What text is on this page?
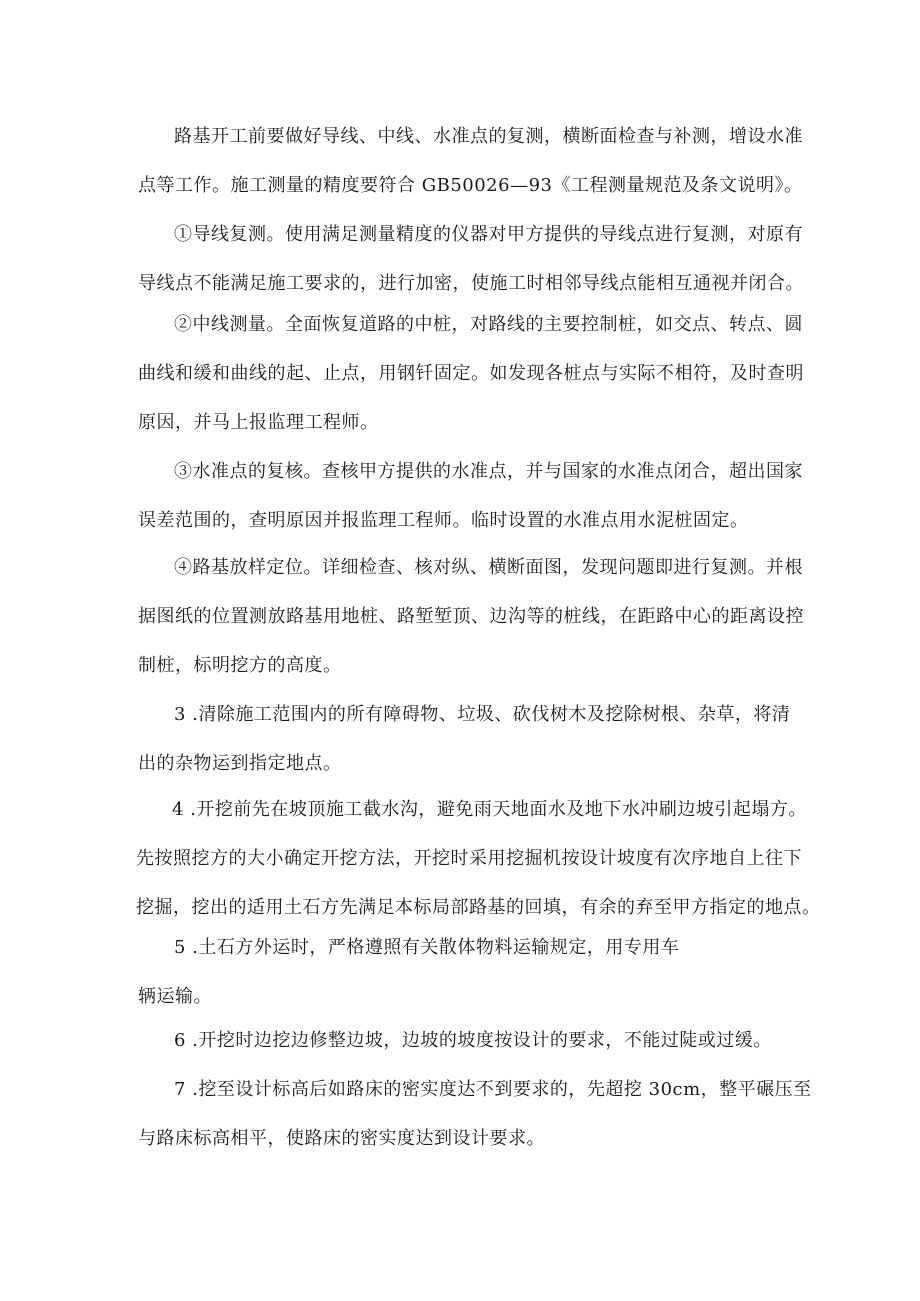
路基开工前要做好导线、中线、水准点的复测，横断面检查与补测，增设水准
点等工作。施工测量的精度要符合 GB50026—93《工程测量规范及条文说明》。

①导线复测。使用满足测量精度的仪器对甲方提供的导线点进行复测，对原有
导线点不能满足施工要求的，进行加密，使施工时相邻导线点能相互通视并闭合。

②中线测量。全面恢复道路的中桩，对路线的主要控制桩，如交点、转点、圆
曲线和缓和曲线的起、止点，用钢钎固定。如发现各桩点与实际不相符，及时查明
原因，并马上报监理工程师。

③水准点的复核。查核甲方提供的水准点，并与国家的水准点闭合，超出国家
误差范围的，查明原因并报监理工程师。临时设置的水准点用水泥桩固定。

④路基放样定位。详细检查、核对纵、横断面图，发现问题即进行复测。并根
据图纸的位置测放路基用地桩、路堑堑顶、边沟等的桩线，在距路中心的距离设控
制桩，标明挖方的高度。

3 .清除施工范围内的所有障碍物、垃圾、砍伐树木及挖除树根、杂草，将清
出的杂物运到指定地点。

4 .开挖前先在坡顶施工截水沟，避免雨天地面水及地下水冲刷边坡引起塌方。
先按照挖方的大小确定开挖方法，开挖时采用挖掘机按设计坡度有次序地自上往下
挖掘，挖出的适用土石方先满足本标局部路基的回填，有余的弃至甲方指定的地点。

5 .土石方外运时，严格遵照有关散体物料运输规定，用专用车
辆运输。

6 .开挖时边挖边修整边坡，边坡的坡度按设计的要求，不能过陡或过缓。

7 .挖至设计标高后如路床的密实度达不到要求的，先超挖 30cm，整平碾压至
与路床标高相平，使路床的密实度达到设计要求。
